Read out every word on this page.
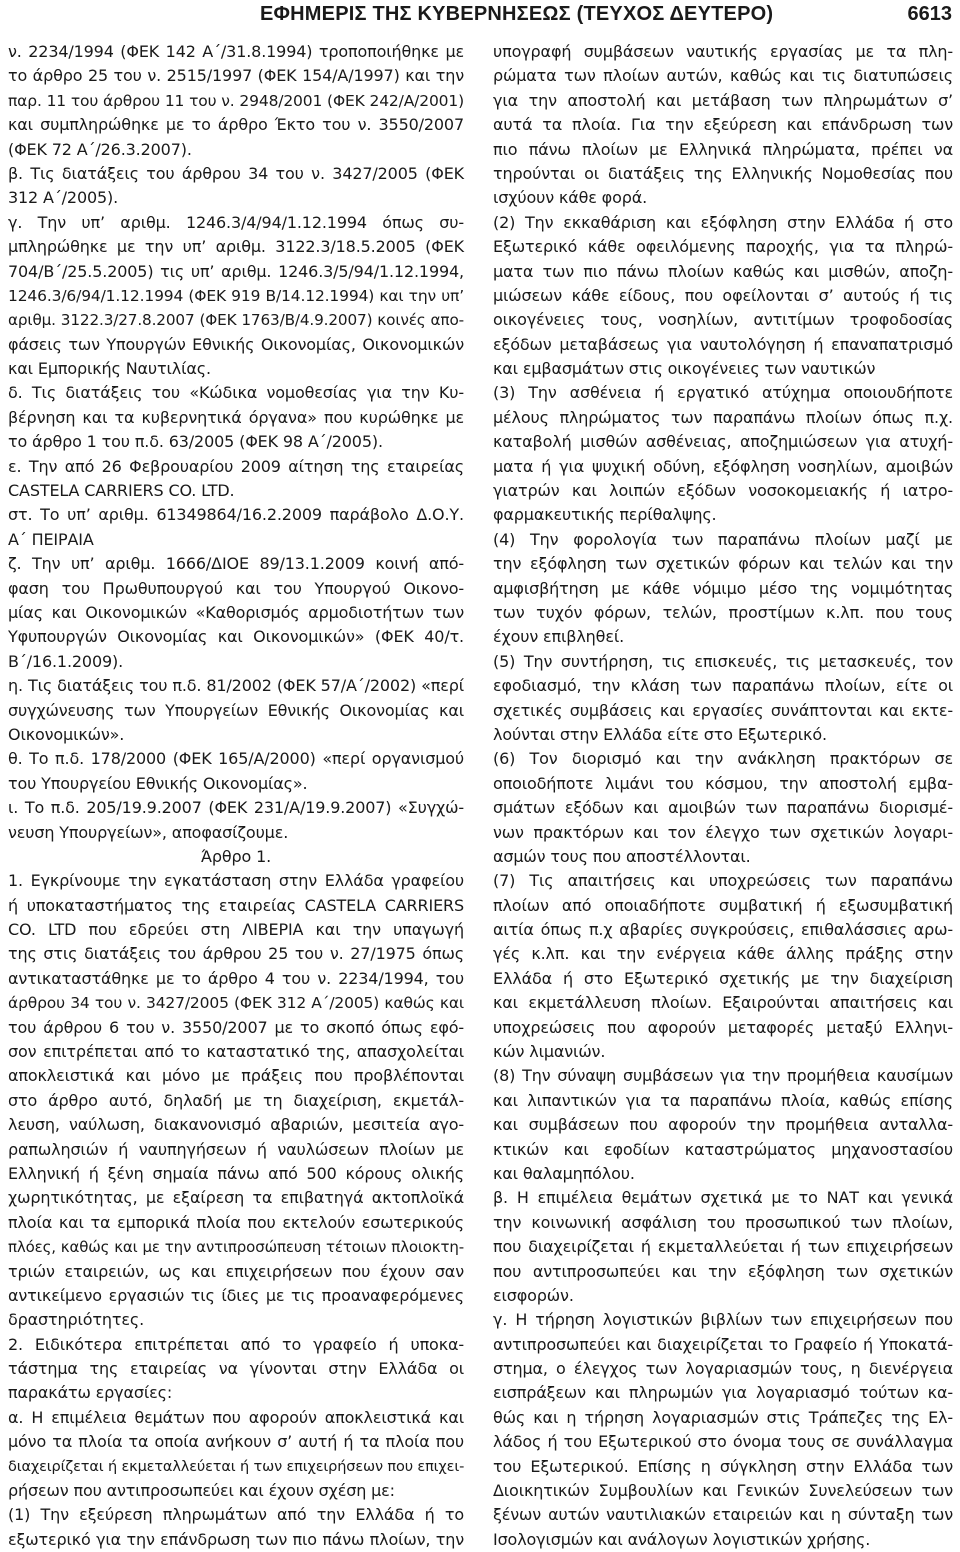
ΕΦΗΜΕΡΙΣ ΤΗΣ ΚΥΒΕΡΝΗΣΕΩΣ (ΤΕΥΧΟΣ ΔΕΥΤΕΡΟ)	6613
ν. 2234/1994 (ΦΕΚ 142 Α΄/31.8.1994) τροποποιήθηκε με
το άρθρο 25 του ν. 2515/1997 (ΦΕΚ 154/Α/1997) και την
παρ. 11 του άρθρου 11 του ν. 2948/2001 (ΦΕΚ 242/Α/2001)
και συμπληρώθηκε με το άρθρο Έκτο του ν. 3550/2007
(ΦΕΚ 72 Α΄/26.3.2007).
β. Τις διατάξεις του άρθρου 34 του ν. 3427/2005 (ΦΕΚ
312 Α΄/2005).
γ. Την υπ’ αριθμ. 1246.3/4/94/1.12.1994 όπως συ-
μπληρώθηκε με την υπ’ αριθμ. 3122.3/18.5.2005 (ΦΕΚ
704/Β΄/25.5.2005) τις υπ’ αριθμ. 1246.3/5/94/1.12.1994,
1246.3/6/94/1.12.1994 (ΦΕΚ 919 Β/14.12.1994) και την υπ’
αριθμ. 3122.3/27.8.2007 (ΦΕΚ 1763/Β/4.9.2007) κοινές απο-
φάσεις των Υπουργών Εθνικής Οικονομίας, Οικονομικών
και Εμπορικής Ναυτιλίας.
δ. Τις διατάξεις του «Κώδικα νομοθεσίας για την Κυ-
βέρνηση και τα κυβερνητικά όργανα» που κυρώθηκε με
το άρθρο 1 του π.δ. 63/2005 (ΦΕΚ 98 Α΄/2005).
ε. Την από 26 Φεβρουαρίου 2009 αίτηση της εταιρείας
CASTELA CARRIERS CO. LTD.
στ. Το υπ’ αριθμ. 61349864/16.2.2009 παράβολο Δ.Ο.Υ.
Α΄ ΠΕΙΡΑΙΑ
ζ. Την υπ’ αριθμ. 1666/ΔΙΟΕ 89/13.1.2009 κοινή από-
φαση του Πρωθυπουργού και του Υπουργού Οικονο-
μίας και Οικονομικών «Καθορισμός αρμοδιοτήτων των
Υφυπουργών Οικονομίας και Οικονομικών» (ΦΕΚ 40/τ.
Β΄/16.1.2009).
η. Τις διατάξεις του π.δ. 81/2002 (ΦΕΚ 57/Α΄/2002) «περί
συγχώνευσης των Υπουργείων Εθνικής Οικονομίας και
Οικονομικών».
θ. Το π.δ. 178/2000 (ΦΕΚ 165/Α/2000) «περί οργανισμού
του Υπουργείου Εθνικής Οικονομίας».
ι. Το π.δ. 205/19.9.2007 (ΦΕΚ 231/Α/19.9.2007) «Συγχώ-
νευση Υπουργείων», αποφασίζουμε.
Άρθρο 1.
1. Εγκρίνουμε την εγκατάσταση στην Ελλάδα γραφείου
ή υποκαταστήματος της εταιρείας CASTELA CARRIERS
CO. LTD που εδρεύει στη ΛΙΒΕΡΙΑ και την υπαγωγή
της στις διατάξεις του άρθρου 25 του ν. 27/1975 όπως
αντικαταστάθηκε με το άρθρο 4 του ν. 2234/1994, του
άρθρου 34 του ν. 3427/2005 (ΦΕΚ 312 Α΄/2005) καθώς και
του άρθρου 6 του ν. 3550/2007 με το σκοπό όπως εφό-
σον επιτρέπεται από το καταστατικό της, απασχολείται
αποκλειστικά και μόνο με πράξεις που προβλέπονται
στο άρθρο αυτό, δηλαδή με τη διαχείριση, εκμετάλ-
λευση, ναύλωση, διακανονισμό αβαριών, μεσιτεία αγο-
ραπωλησιών ή ναυπηγήσεων ή ναυλώσεων πλοίων με
Ελληνική ή ξένη σημαία πάνω από 500 κόρους ολικής
χωρητικότητας, με εξαίρεση τα επιβατηγά ακτοπλοϊκά
πλοία και τα εμπορικά πλοία που εκτελούν εσωτερικούς
πλόες, καθώς και με την αντιπροσώπευση τέτοιων πλοιοκτη-
τριών εταιρειών, ως και επιχειρήσεων που έχουν σαν
αντικείμενο εργασιών τις ίδιες με τις προαναφερόμενες
δραστηριότητες.
2. Ειδικότερα επιτρέπεται από το γραφείο ή υποκα-
τάστημα της εταιρείας να γίνονται στην Ελλάδα οι
παρακάτω εργασίες:
α. Η επιμέλεια θεμάτων που αφορούν αποκλειστικά και
μόνο τα πλοία τα οποία ανήκουν σ’ αυτή ή τα πλοία που
διαχειρίζεται ή εκμεταλλεύεται ή των επιχειρήσεων που επιχει-
ρήσεων που αντιπροσωπεύει και έχουν σχέση με:
(1) Την εξεύρεση πληρωμάτων από την Ελλάδα ή το
εξωτερικό για την επάνδρωση των πιο πάνω πλοίων, την
υπογραφή συμβάσεων ναυτικής εργασίας με τα πλη-
ρώματα των πλοίων αυτών, καθώς και τις διατυπώσεις
για την αποστολή και μετάβαση των πληρωμάτων σ’
αυτά τα πλοία. Για την εξεύρεση και επάνδρωση των
πιο πάνω πλοίων με Ελληνικά πληρώματα, πρέπει να
τηρούνται οι διατάξεις της Ελληνικής Νομοθεσίας που
ισχύουν κάθε φορά.
(2) Την εκκαθάριση και εξόφληση στην Ελλάδα ή στο
Εξωτερικό κάθε οφειλόμενης παροχής, για τα πληρώ-
ματα των πιο πάνω πλοίων καθώς και μισθών, αποζη-
μιώσεων κάθε είδους, που οφείλονται σ’ αυτούς ή τις
οικογένειες τους, νοσηλίων, αντιτίμων τροφοδοσίας
εξόδων μεταβάσεως για ναυτολόγηση ή επαναπατρισμό
και εμβασμάτων στις οικογένειες των ναυτικών
(3) Την ασθένεια ή εργατικό ατύχημα οποιουδήποτε
μέλους πληρώματος των παραπάνω πλοίων όπως π.χ.
καταβολή μισθών ασθένειας, αποζημιώσεων για ατυχή-
ματα ή για ψυχική οδύνη, εξόφληση νοσηλίων, αμοιβών
γιατρών και λοιπών εξόδων νοσοκομειακής ή ιατρο-
φαρμακευτικής περίθαλψης.
(4) Την φορολογία των παραπάνω πλοίων μαζί με
την εξόφληση των σχετικών φόρων και τελών και την
αμφισβήτηση με κάθε νόμιμο μέσο της νομιμότητας
των τυχόν φόρων, τελών, προστίμων κ.λπ. που τους
έχουν επιβληθεί.
(5) Την συντήρηση, τις επισκευές, τις μετασκευές, τον
εφοδιασμό, την κλάση των παραπάνω πλοίων, είτε οι
σχετικές συμβάσεις και εργασίες συνάπτονται και εκτε-
λούνται στην Ελλάδα είτε στο Εξωτερικό.
(6) Τον διορισμό και την ανάκληση πρακτόρων σε
οποιοδήποτε λιμάνι του κόσμου, την αποστολή εμβα-
σμάτων εξόδων και αμοιβών των παραπάνω διορισμέ-
νων πρακτόρων και τον έλεγχο των σχετικών λογαρι-
ασμών τους που αποστέλλονται.
(7) Τις απαιτήσεις και υποχρεώσεις των παραπάνω
πλοίων από οποιαδήποτε συμβατική ή εξωσυμβατική
αιτία όπως π.χ αβαρίες συγκρούσεις, επιθαλάσσιες αρω-
γές κ.λπ. και την ενέργεια κάθε άλλης πράξης στην
Ελλάδα ή στο Εξωτερικό σχετικής με την διαχείριση
και εκμετάλλευση πλοίων. Εξαιρούνται απαιτήσεις και
υποχρεώσεις που αφορούν μεταφορές μεταξύ Ελληνι-
κών λιμανιών.
(8) Την σύναψη συμβάσεων για την προμήθεια καυσίμων
και λιπαντικών για τα παραπάνω πλοία, καθώς επίσης
και συμβάσεων που αφορούν την προμήθεια ανταλλα-
κτικών και εφοδίων καταστρώματος μηχανοστασίου
και θαλαμηπόλου.
β. Η επιμέλεια θεμάτων σχετικά με το ΝΑΤ και γενικά
την κοινωνική ασφάλιση του προσωπικού των πλοίων,
που διαχειρίζεται ή εκμεταλλεύεται ή των επιχειρήσεων
που αντιπροσωπεύει και την εξόφληση των σχετικών
εισφορών.
γ. Η τήρηση λογιστικών βιβλίων των επιχειρήσεων που
αντιπροσωπεύει και διαχειρίζεται το Γραφείο ή Υποκατά-
στημα, ο έλεγχος των λογαριασμών τους, η διενέργεια
εισπράξεων και πληρωμών για λογαριασμό τούτων κα-
θώς και η τήρηση λογαριασμών στις Τράπεζες της Ελ-
λάδος ή του Εξωτερικού στο όνομα τους σε συνάλλαγμα
του Εξωτερικού. Επίσης η σύγκληση στην Ελλάδα των
Διοικητικών Συμβουλίων και Γενικών Συνελεύσεων των
ξένων αυτών ναυτιλιακών εταιρειών και η σύνταξη των
Ισολογισμών και ανάλογων λογιστικών χρήσης.
